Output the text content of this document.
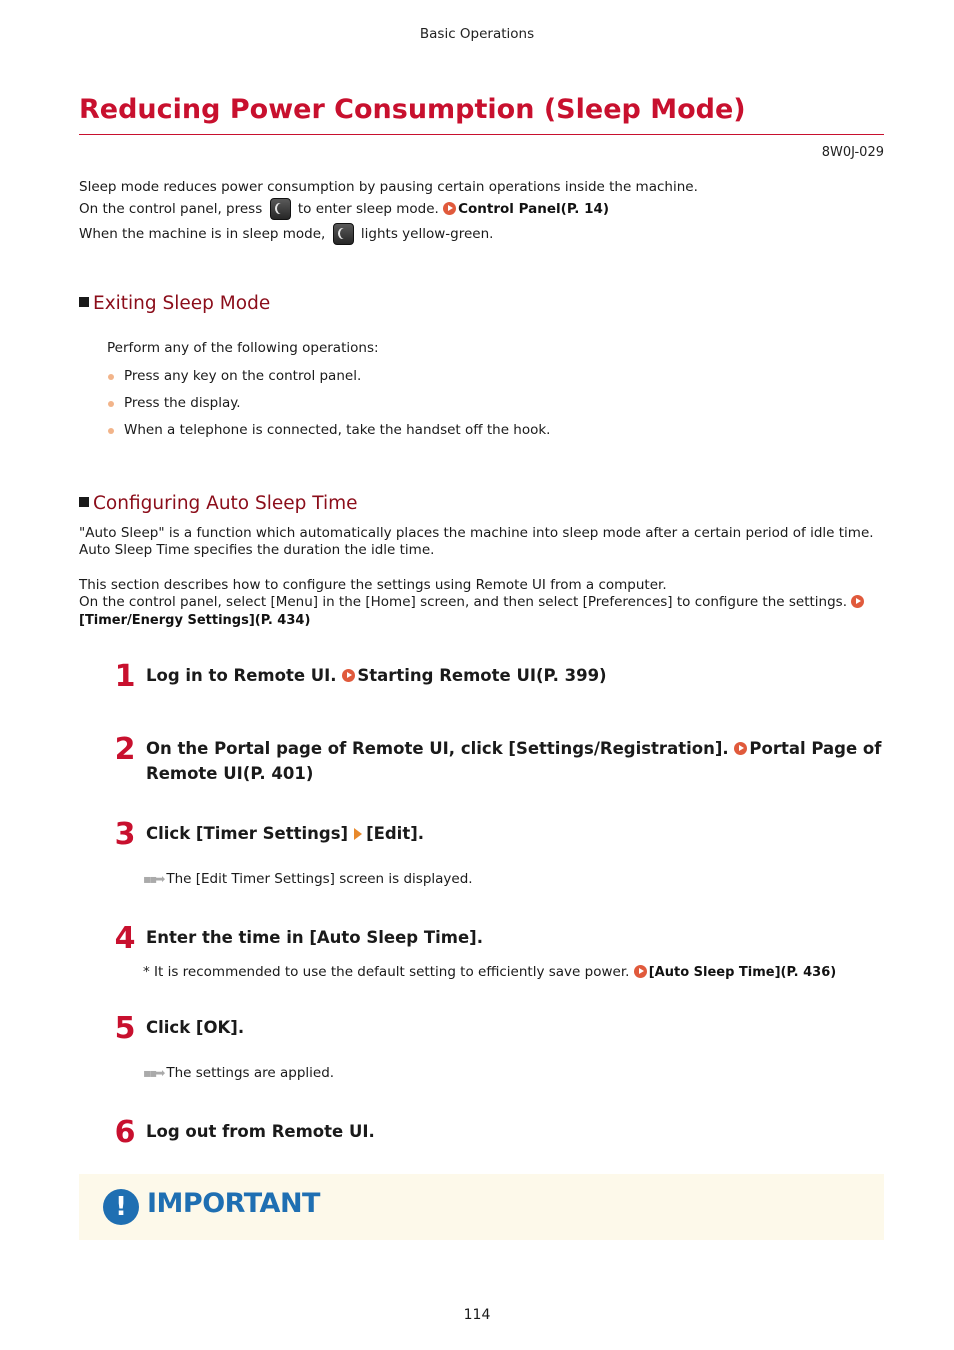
Basic Operations
Reducing Power Consumption (Sleep Mode)
8W0J-029
Sleep mode reduces power consumption by pausing certain operations inside the machine.
On the control panel, press	to enter sleep mode. Control Panel(P. 14)
When the machine is in sleep mode,	lights yellow-green.
Exiting Sleep Mode
Perform any of the following operations:
Press any key on the control panel.
Press the display.
When a telephone is connected, take the handset off the hook.
Configuring Auto Sleep Time
"Auto Sleep" is a function which automatically places the machine into sleep mode after a certain period of idle time.
Auto Sleep Time specifies the duration the idle time.
This section describes how to configure the settings using Remote UI from a computer.
On the control panel, select [Menu] in the [Home] screen, and then select [Preferences] to configure the settings.
[Timer/Energy Settings](P. 434)
1 Log in to Remote UI. Starting Remote UI(P. 399)
2 On the Portal page of Remote UI, click [Settings/Registration]. Portal Page of
Remote UI(P. 401)
3 Click [Timer Settings] [Edit].
▪▪➡ The [Edit Timer Settings] screen is displayed.
4 Enter the time in [Auto Sleep Time].
* It is recommended to use the default setting to efficiently save power. [Auto Sleep Time](P. 436)
5 Click [OK].
▪▪➡ The settings are applied.
6 Log out from Remote UI.
! IMPORTANT
114
